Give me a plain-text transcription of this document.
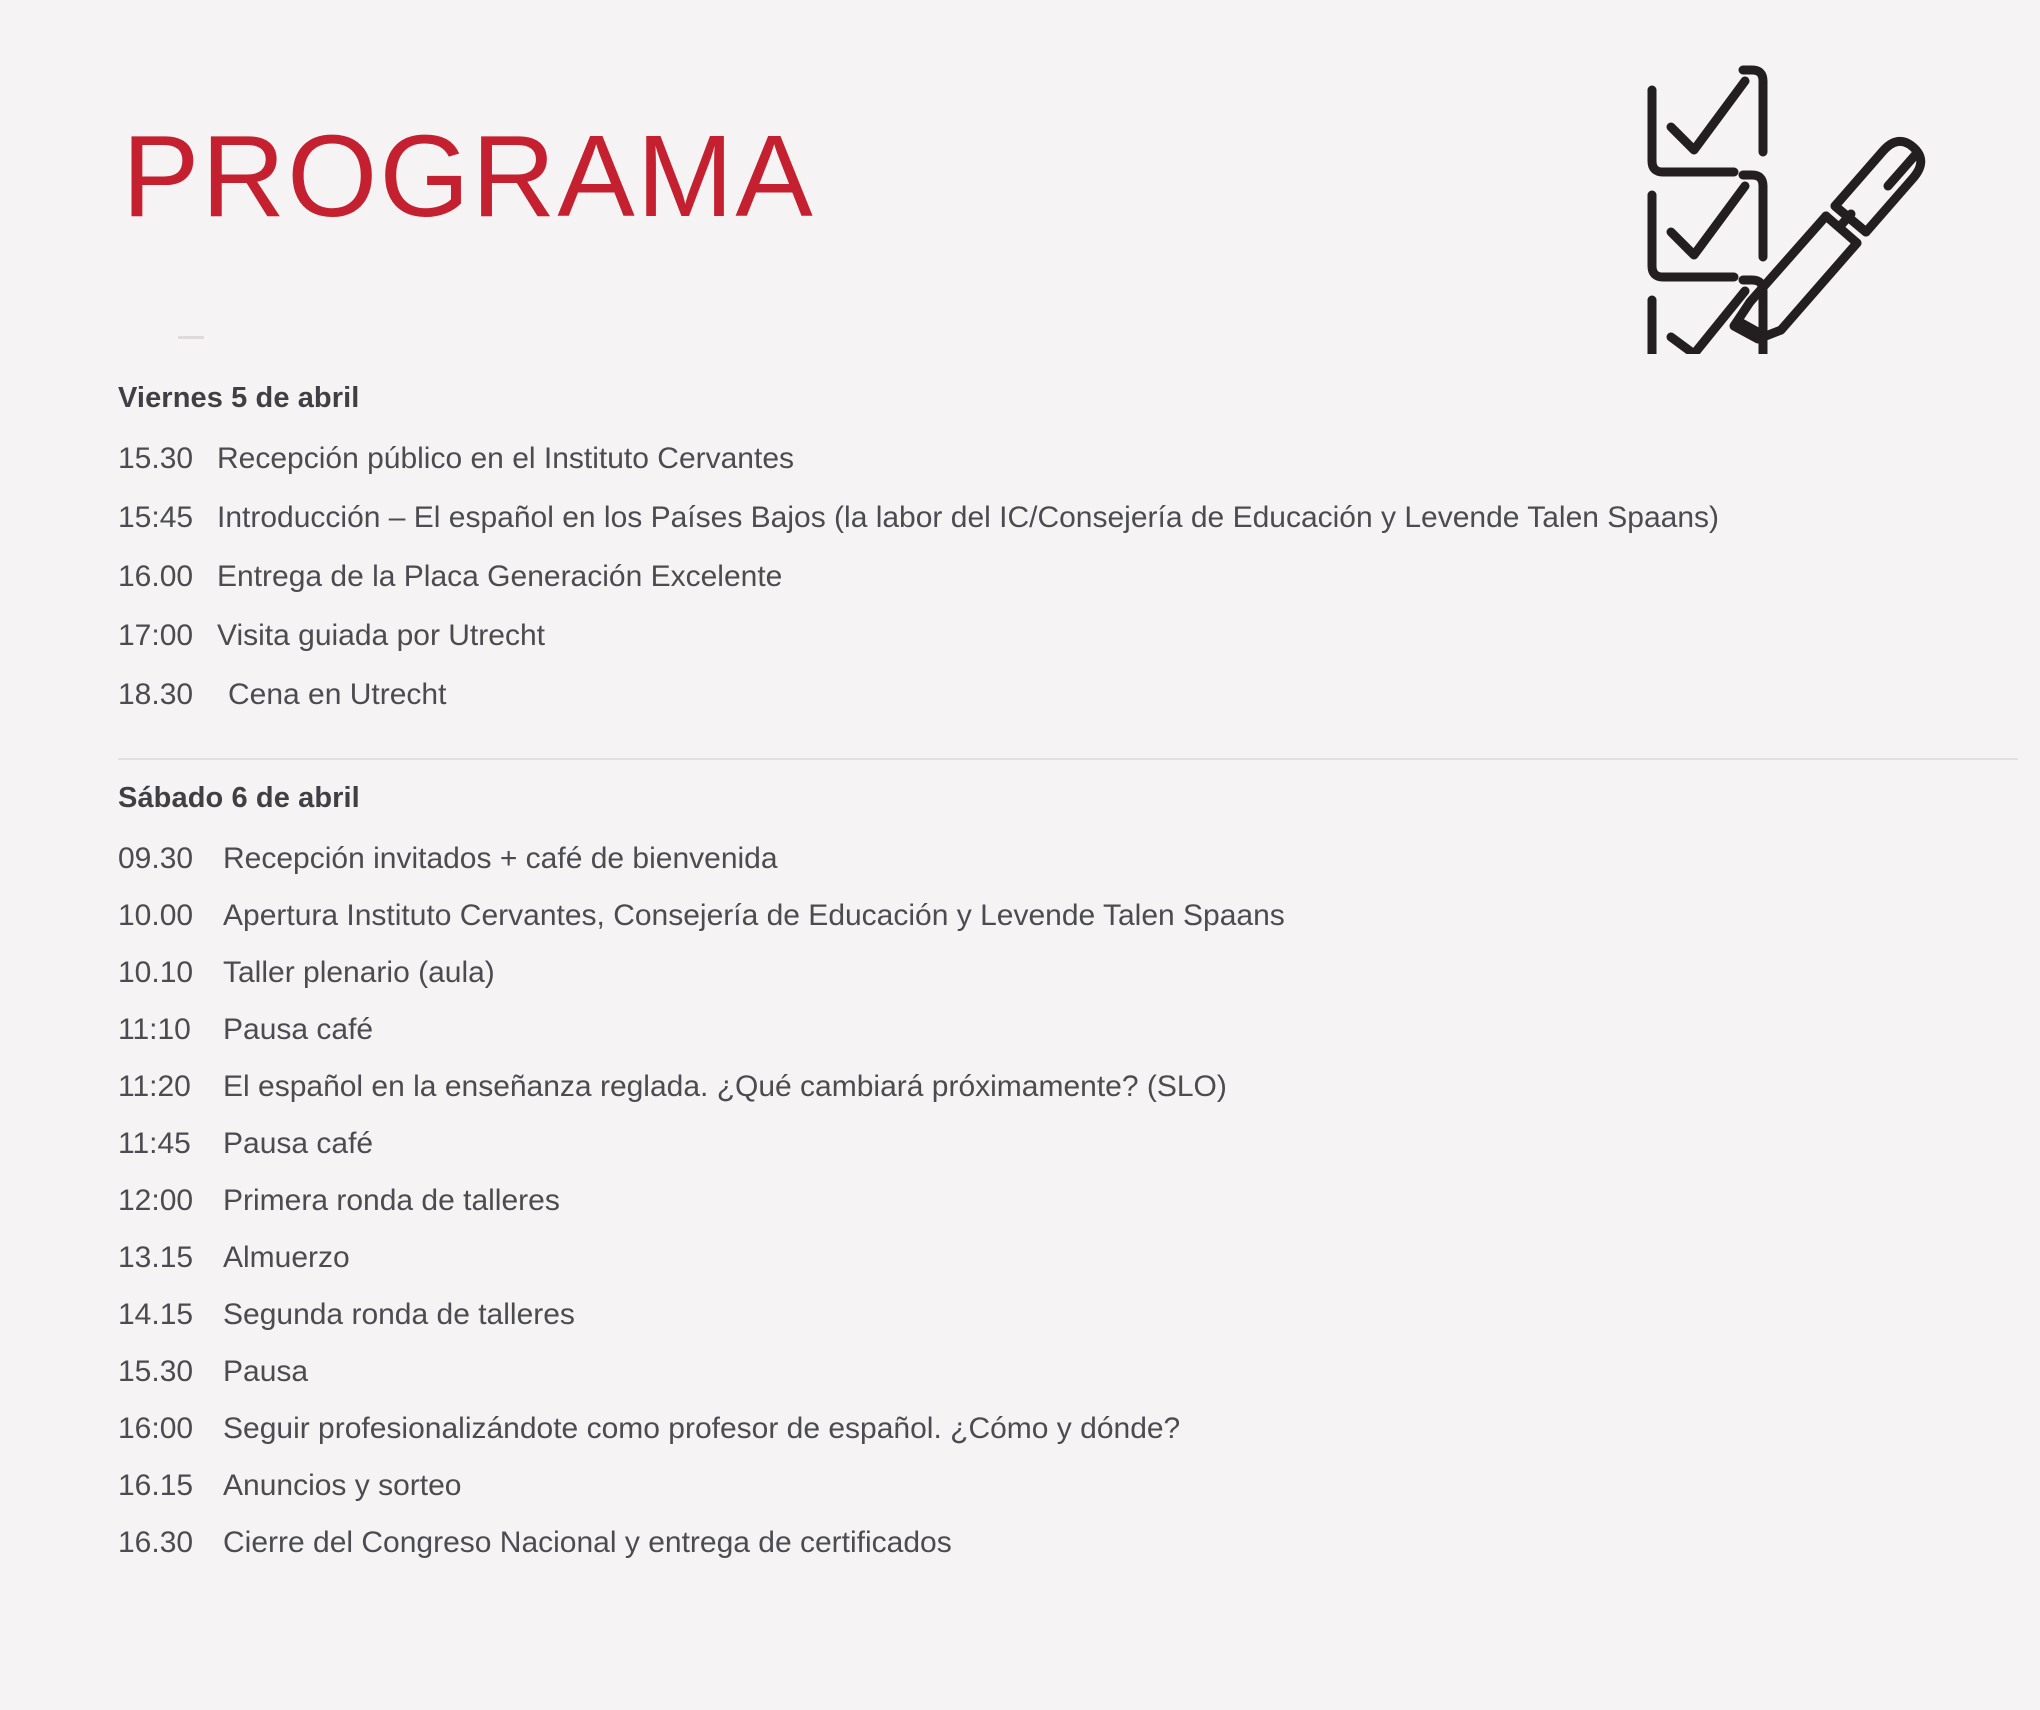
PROGRAMA
Viernes 5 de abril
15.30 Recepción público en el Instituto Cervantes
15:45 Introducción – El español en los Países Bajos (la labor del IC/Consejería de Educación y Levende Talen Spaans)
16.00 Entrega de la Placa Generación Excelente
17:00 Visita guiada por Utrecht
18.30	Cena en Utrecht
Sábado 6 de abril
09.30 Recepción invitados + café de bienvenida
10.00 Apertura Instituto Cervantes, Consejería de Educación y Levende Talen Spaans
10.10 Taller plenario (aula)
11:10	Pausa café
11:20	El español en la enseñanza reglada. ¿Qué cambiará próximamente? (SLO)
11:45	Pausa café
12:00 Primera ronda de talleres
13.15 Almuerzo
14.15 Segunda ronda de talleres
15.30 Pausa
16:00 Seguir profesionalizándote como profesor de español. ¿Cómo y dónde?
16.15 Anuncios y sorteo
16.30 Cierre del Congreso Nacional y entrega de certificados
